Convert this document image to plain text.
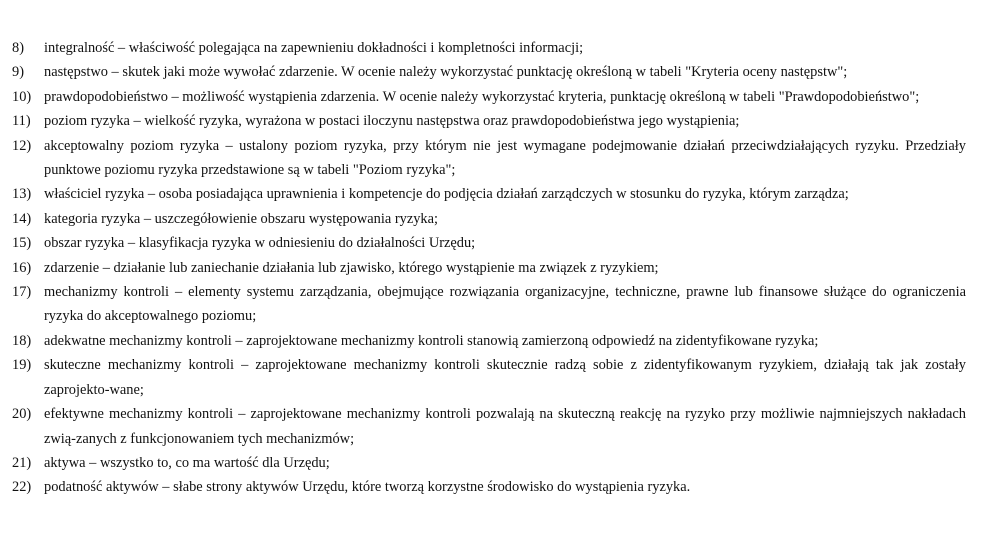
8) integralność – właściwość polegająca na zapewnieniu dokładności i kompletności informacji;
9) następstwo – skutek jaki może wywołać zdarzenie. W ocenie należy wykorzystać punktację określoną w tabeli "Kryteria oceny następstw";
10) prawdopodobieństwo – możliwość wystąpienia zdarzenia. W ocenie należy wykorzystać kryteria, punktację określoną w tabeli "Prawdopodobieństwo";
11) poziom ryzyka – wielkość ryzyka, wyrażona w postaci iloczynu następstwa oraz prawdopodobieństwa jego wystąpienia;
12) akceptowalny poziom ryzyka – ustalony poziom ryzyka, przy którym nie jest wymagane podejmowanie działań przeciwdziałających ryzyku. Przedziały punktowe poziomu ryzyka przedstawione są w tabeli "Poziom ryzyka";
13) właściciel ryzyka – osoba posiadająca uprawnienia i kompetencje do podjęcia działań zarządczych w stosunku do ryzyka, którym zarządza;
14) kategoria ryzyka – uszczegółowienie obszaru występowania ryzyka;
15) obszar ryzyka – klasyfikacja ryzyka w odniesieniu do działalności Urzędu;
16) zdarzenie – działanie lub zaniechanie działania lub zjawisko, którego wystąpienie ma związek z ryzykiem;
17) mechanizmy kontroli – elementy systemu zarządzania, obejmujące rozwiązania organizacyjne, techniczne, prawne lub finansowe służące do ograniczenia ryzyka do akceptowalnego poziomu;
18) adekwatne mechanizmy kontroli – zaprojektowane mechanizmy kontroli stanowią zamierzoną odpowiedź na zidentyfikowane ryzyka;
19) skuteczne mechanizmy kontroli – zaprojektowane mechanizmy kontroli skutecznie radzą sobie z zidentyfikowanym ryzykiem, działają tak jak zostały zaprojekto-wane;
20) efektywne mechanizmy kontroli – zaprojektowane mechanizmy kontroli pozwalają na skuteczną reakcję na ryzyko przy możliwie najmniejszych nakładach zwią-zanych z funkcjonowaniem tych mechanizmów;
21) aktywa – wszystko to, co ma wartość dla Urzędu;
22) podatność aktywów – słabe strony aktywów Urzędu, które tworzą korzystne środowisko do wystąpienia ryzyka.
